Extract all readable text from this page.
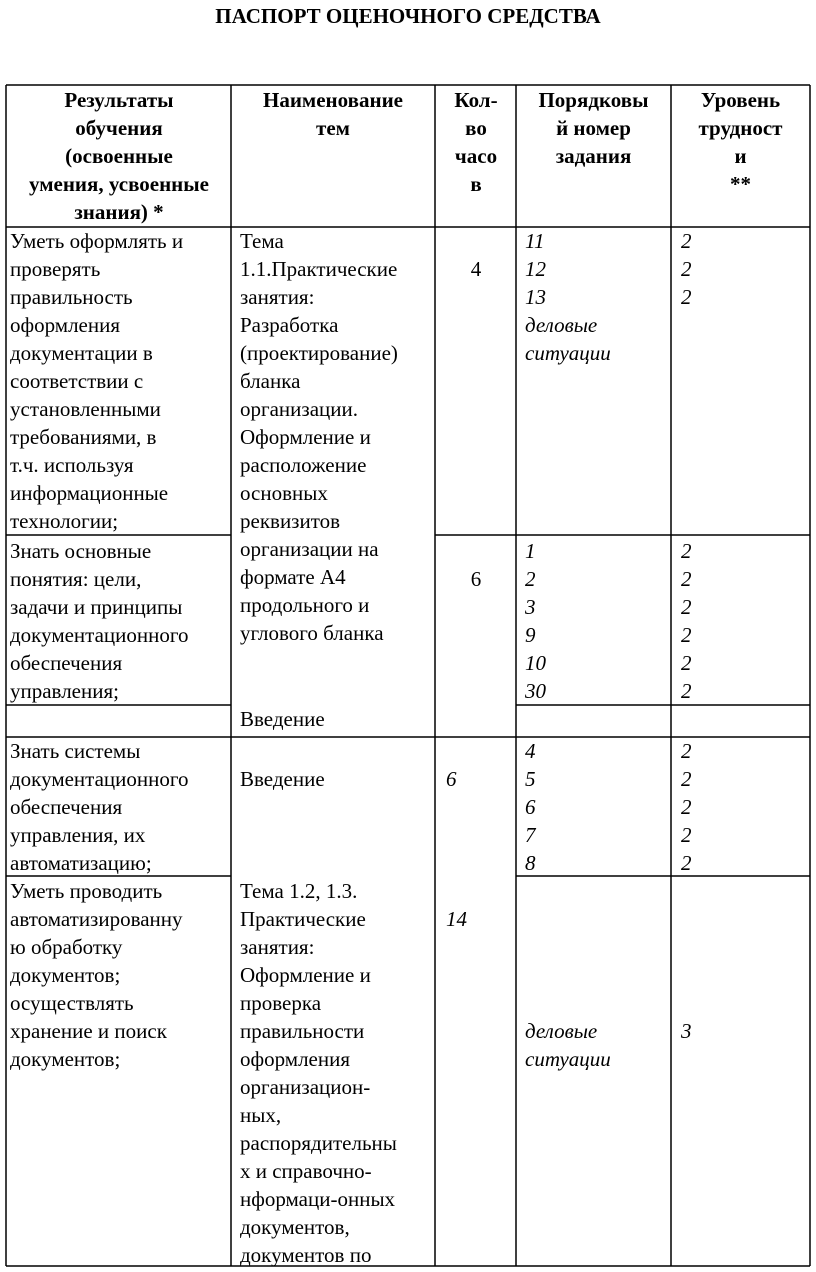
ПАСПОРТ ОЦЕНОЧНОГО СРЕДСТВА
Результаты
обучения
(освоенные
умения, усвоенные
знания) *
Наименование
тем
Кол-
во
часо
в
Порядковы
й номер
задания
Уровень
трудност
и
**
Уметь оформлять и
проверять
правильность
оформления
документации в
соответствии с
установленными
требованиями, в
т.ч. используя
информационные
технологии;
4
11
12
13
деловые
ситуации
2
2
2
Тема
1.1.Практические
занятия:
Разработка
(проектирование)
бланка
организации.
Оформление и
расположение
основных
реквизитов
организации на
формате А4
продольного и
углового бланка
Знать основные
понятия: цели,
задачи и принципы
документационного
обеспечения
управления;
6
1
2
3
9
10
30
2
2
2
2
2
2
Введение
Знать системы
документационного
обеспечения
управления, их
автоматизацию;
Введение	6
4
5
6
7
8
2
2
2
2
2
Уметь проводить
автоматизированну
ю обработку
документов;
осуществлять
хранение и поиск
документов;
Тема 1.2, 1.3.
Практические
занятия:
Оформление и
проверка
правильности
оформления
организацион-
ных,
распорядительны
х и справочно-
нформаци-онных
документов,
документов по
14
деловые
ситуации
3
